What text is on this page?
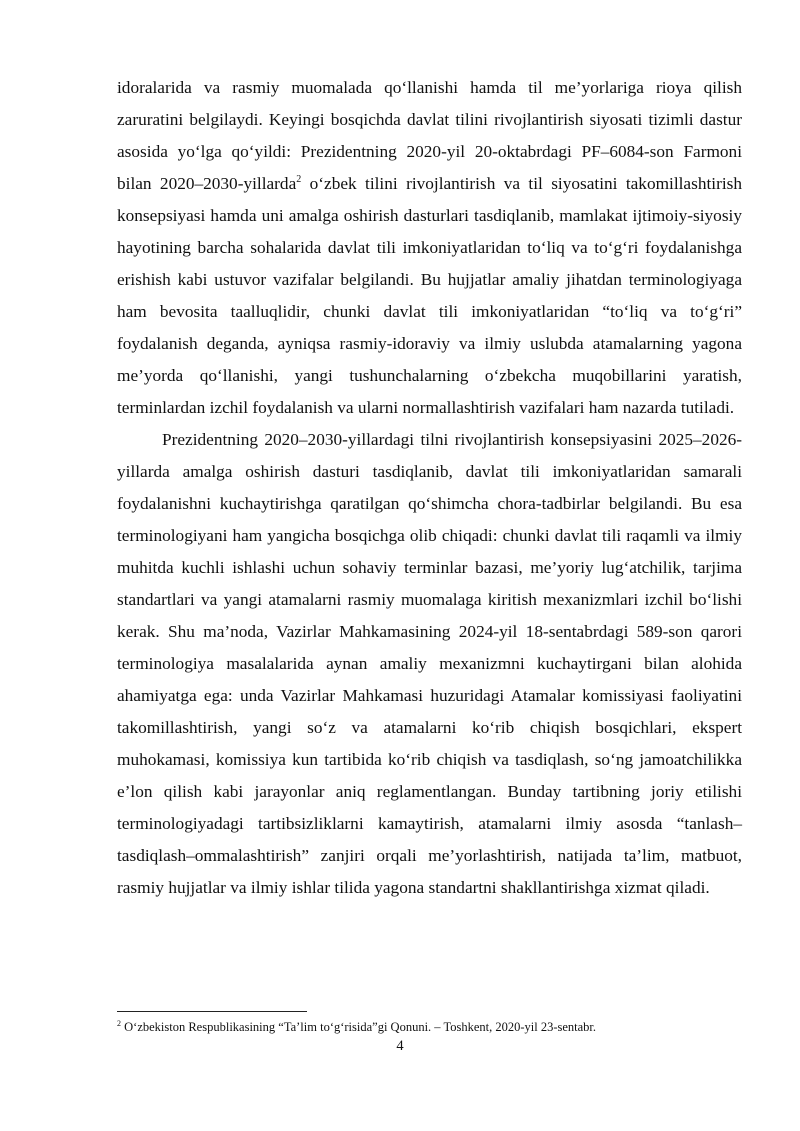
idoralarida va rasmiy muomalada qo‘llanishi hamda til me’yorlariga rioya qilish zaruratini belgilaydi. Keyingi bosqichda davlat tilini rivojlantirish siyosati tizimli dastur asosida yo‘lga qo‘yildi: Prezidentning 2020-yil 20-oktabrdagi PF–6084-son Farmoni bilan 2020–2030-yillarda$^2$ o‘zbek tilini rivojlantirish va til siyosatini takomillashtirish konsepsiyasi hamda uni amalga oshirish dasturlari tasdiqlanib, mamlakat ijtimoiy-siyosiy hayotining barcha sohalarida davlat tili imkoniyatlaridan to‘liq va to‘g‘ri foydalanishga erishish kabi ustuvor vazifalar belgilandi. Bu hujjatlar amaliy jihatdan terminologiyaga ham bevosita taalluqlidir, chunki davlat tili imkoniyatlaridan “to‘liq va to‘g‘ri” foydalanish deganda, ayniqsa rasmiy-idoraviy va ilmiy uslubda atamalarning yagona me’yorda qo‘llanishi, yangi tushunchalarning o‘zbekcha muqobillarini yaratish, terminlardan izchil foydalanish va ularni normallashtirish vazifalari ham nazarda tutiladi.

Prezidentning 2020–2030-yillardagi tilni rivojlantirish konsepsiyasini 2025–2026-yillarda amalga oshirish dasturi tasdiqlanib, davlat tili imkoniyatlaridan samarali foydalanishni kuchaytirishga qaratilgan qo‘shimcha chora-tadbirlar belgilandi. Bu esa terminologiyani ham yangicha bosqichga olib chiqadi: chunki davlat tili raqamli va ilmiy muhitda kuchli ishlashi uchun sohaviy terminlar bazasi, me’yoriy lug‘atchilik, tarjima standartlari va yangi atamalarni rasmiy muomalaga kiritish mexanizmlari izchil bo‘lishi kerak. Shu ma’noda, Vazirlar Mahkamasining 2024-yil 18-sentabrdagi 589-son qarori terminologiya masalalarida aynan amaliy mexanizmni kuchaytirgani bilan alohida ahamiyatga ega: unda Vazirlar Mahkamasi huzuridagi Atamalar komissiyasi faoliyatini takomillashtirish, yangi so‘z va atamalarni ko‘rib chiqish bosqichlari, ekspert muhokamasi, komissiya kun tartibida ko‘rib chiqish va tasdiqlash, so‘ng jamoatchilikka e’lon qilish kabi jarayonlar aniq reglamentlangan. Bunday tartibning joriy etilishi terminologiyadagi tartibsizliklarni kamaytirish, atamalarni ilmiy asosda “tanlash–tasdiqlash–ommalashtirish” zanjiri orqali me’yorlashtirish, natijada ta’lim, matbuot, rasmiy hujjatlar va ilmiy ishlar tilida yagona standartni shakllantirishga xizmat qiladi.

$^2$ O‘zbekiston Respublikasining “Ta’lim to‘g‘risida”gi Qonuni. – Toshkent, 2020-yil 23-sentabr.
4
